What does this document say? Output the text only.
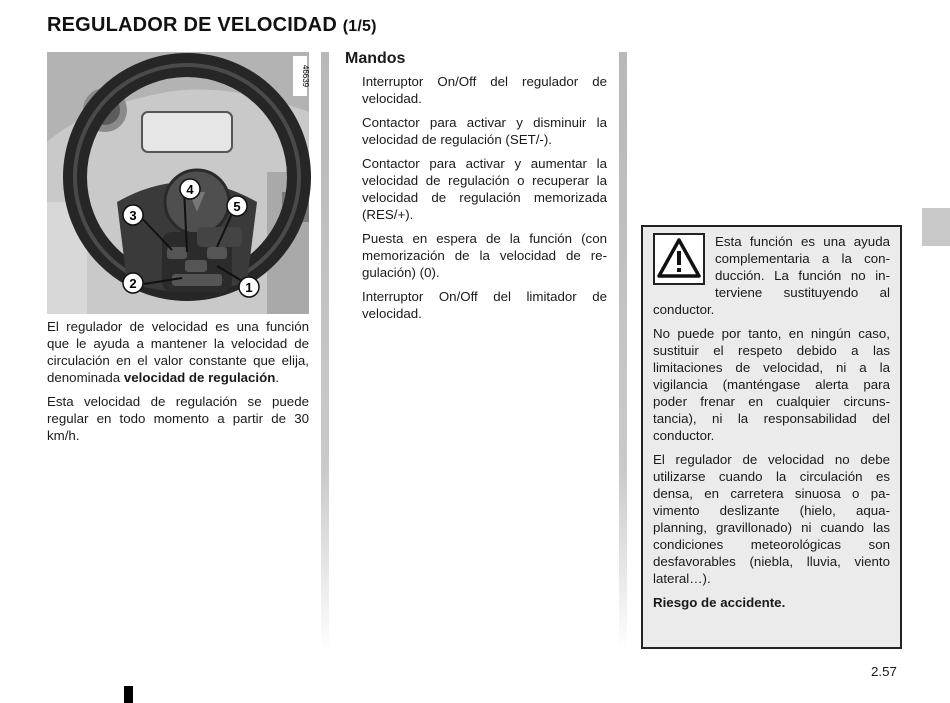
REGULADOR DE VELOCIDAD (1/5)
4
3
5
2	1
46639

El regulador de velocidad es una función que le ayuda a mantener la velocidad de circulación en el valor constante que elija, denominada velocidad de regulación.

Esta velocidad de regulación se puede regular en todo momento a partir de 30 km/h.

Mandos

Interruptor On/Off del regulador de velocidad.

Contactor para activar y disminuir la velocidad de regulación (SET/-).

Contactor para activar y aumentar la velocidad de regulación o recuperar la velocidad de regulación memorizada (RES/+).

Puesta en espera de la función (con memorización de la velocidad de regulación) (0).

Interruptor On/Off del limitador de velocidad.

Esta función es una ayuda complementaria a la conducción. La función no interviene sustituyendo al conductor.

No puede por tanto, en ningún caso, sustituir el respeto debido a las limitaciones de velocidad, ni a la vigilancia (manténgase alerta para poder frenar en cualquier circunstancia), ni la responsabilidad del conductor.

El regulador de velocidad no debe utilizarse cuando la circulación es densa, en carretera sinuosa o pavimento deslizante (hielo, aquaplanning, gravillonado) ni cuando las condiciones meteorológicas son desfavorables (niebla, lluvia, viento lateral…).

Riesgo de accidente.

2.57
